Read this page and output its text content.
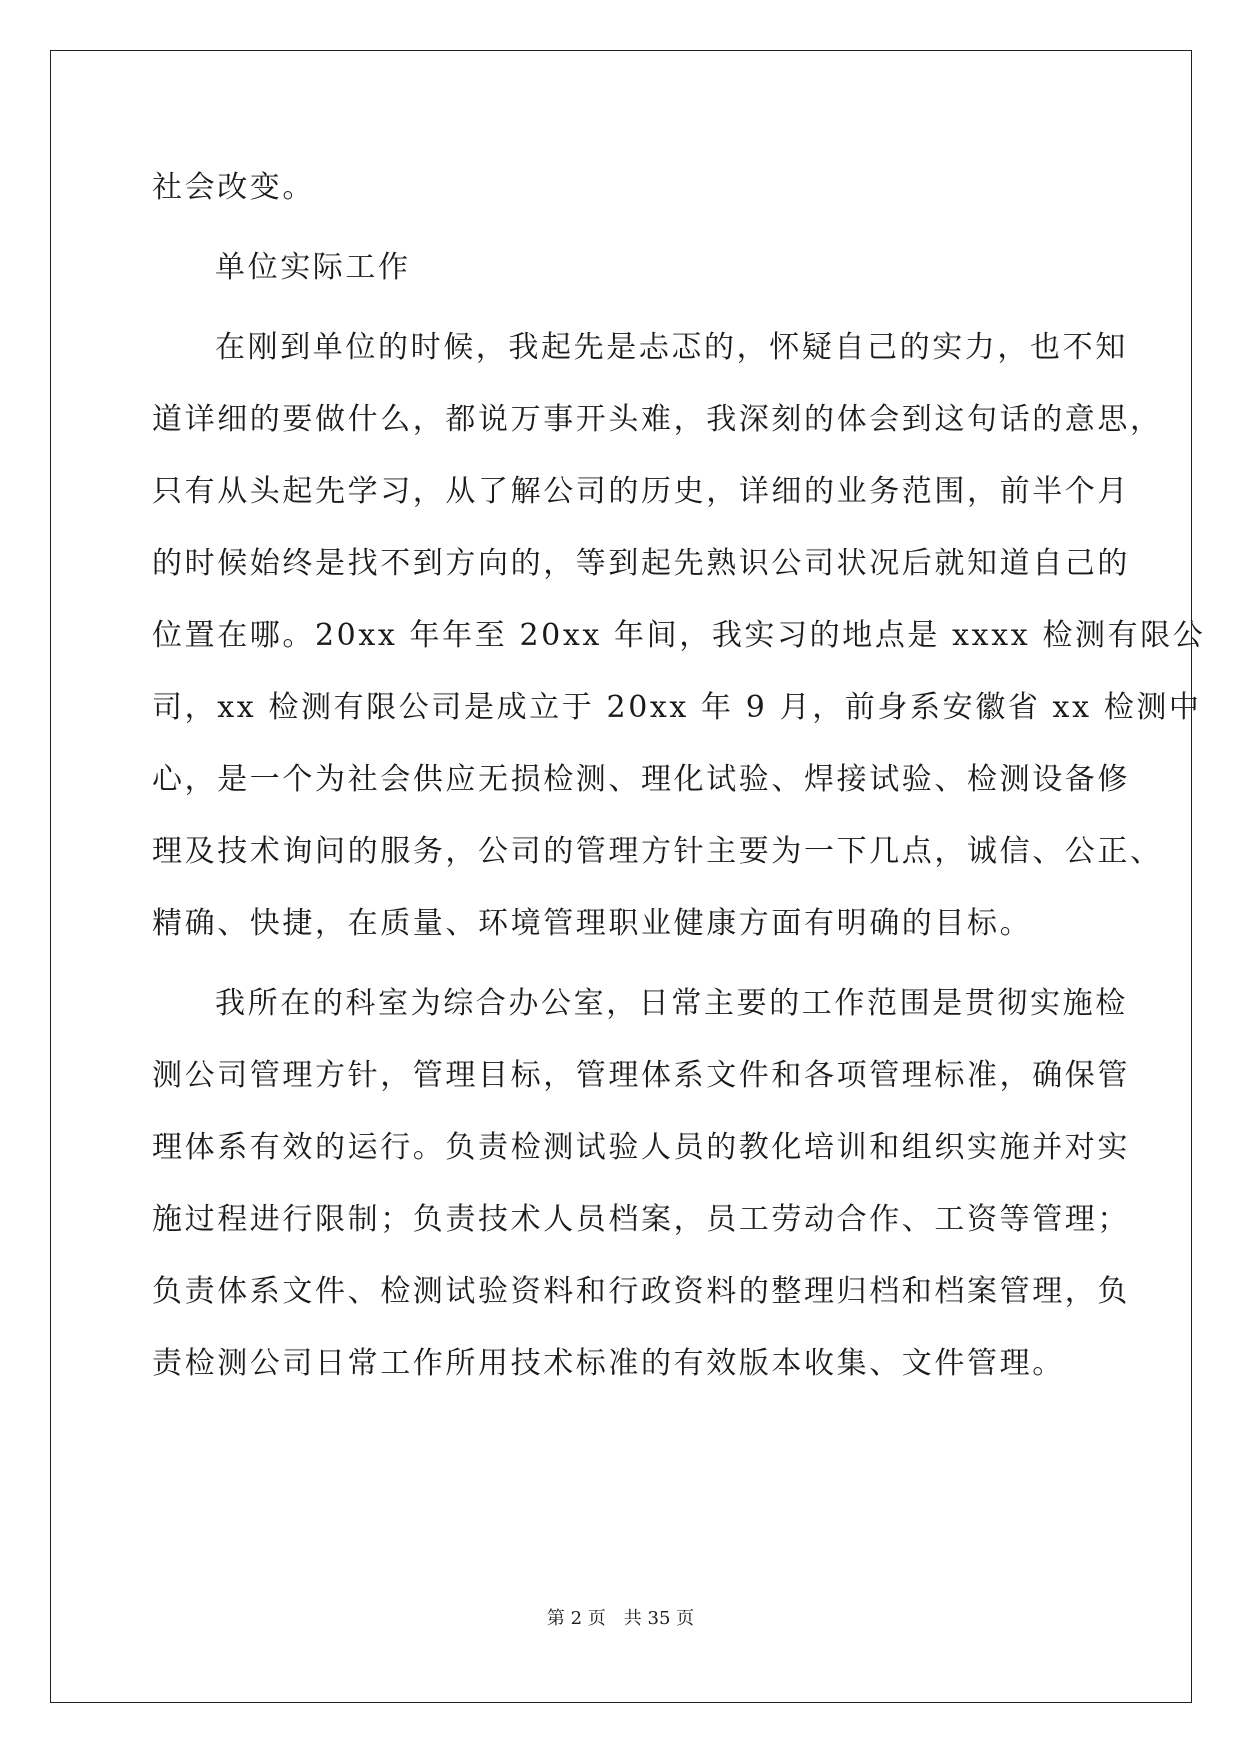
社会改变。
单位实际工作
在刚到单位的时候，我起先是忐忑的，怀疑自己的实力，也不知
道详细的要做什么，都说万事开头难，我深刻的体会到这句话的意思，
只有从头起先学习，从了解公司的历史，详细的业务范围，前半个月
的时候始终是找不到方向的，等到起先熟识公司状况后就知道自己的
位置在哪。20xx 年年至 20xx 年间，我实习的地点是 xxxx 检测有限公
司，xx 检测有限公司是成立于 20xx 年 9 月，前身系安徽省 xx 检测中
心，是一个为社会供应无损检测、理化试验、焊接试验、检测设备修
理及技术询问的服务，公司的管理方针主要为一下几点，诚信、公正、
精确、快捷，在质量、环境管理职业健康方面有明确的目标。
我所在的科室为综合办公室，日常主要的工作范围是贯彻实施检
测公司管理方针，管理目标，管理体系文件和各项管理标准，确保管
理体系有效的运行。负责检测试验人员的教化培训和组织实施并对实
施过程进行限制；负责技术人员档案，员工劳动合作、工资等管理；
负责体系文件、检测试验资料和行政资料的整理归档和档案管理，负
责检测公司日常工作所用技术标准的有效版本收集、文件管理。
第 2 页　共 35 页
